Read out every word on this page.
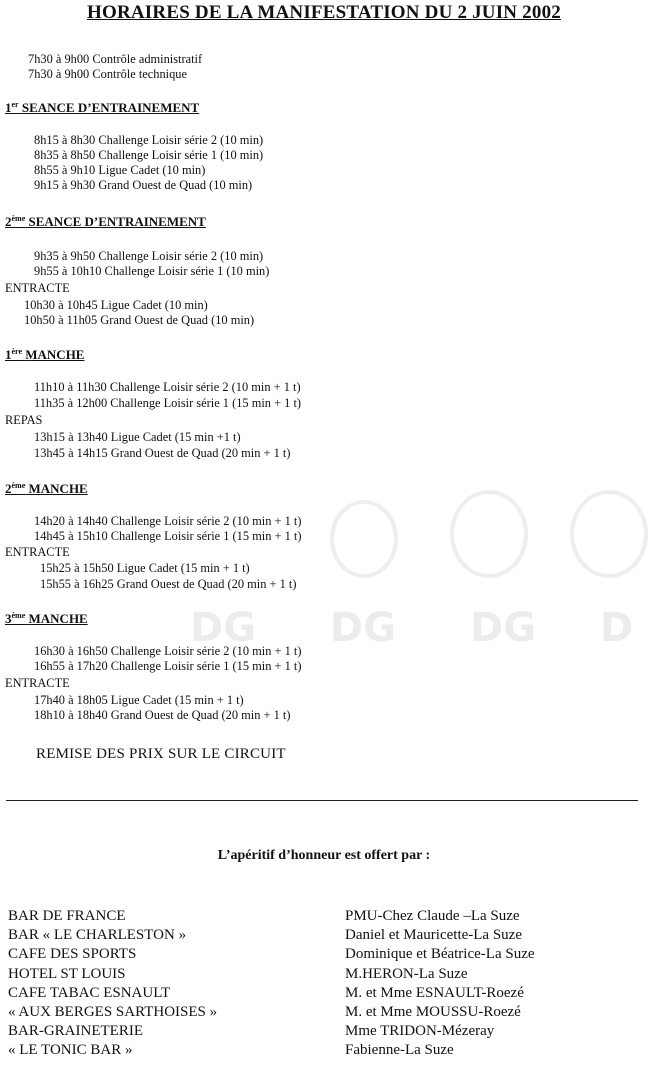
DG DG DG D
HORAIRES DE LA MANIFESTATION DU 2 JUIN 2002
7h30 à 9h00 Contrôle administratif
7h30 à 9h00 Contrôle technique
1er SEANCE D’ENTRAINEMENT
8h15 à 8h30 Challenge Loisir série 2 (10 min)
8h35 à 8h50 Challenge Loisir série 1 (10 min)
8h55 à 9h10 Ligue Cadet (10 min)
9h15 à 9h30 Grand Ouest de Quad (10 min)
2ème SEANCE D’ENTRAINEMENT
9h35 à 9h50 Challenge Loisir série 2 (10 min)
9h55 à 10h10 Challenge Loisir série 1 (10 min)
ENTRACTE
10h30 à 10h45 Ligue Cadet (10 min)
10h50 à 11h05 Grand Ouest de Quad (10 min)
1ère MANCHE
11h10 à 11h30 Challenge Loisir série 2 (10 min + 1 t)
11h35 à 12h00 Challenge Loisir série 1 (15 min + 1 t)
REPAS
13h15 à 13h40 Ligue Cadet (15 min +1 t)
13h45 à 14h15 Grand Ouest de Quad (20 min + 1 t)
2ème MANCHE
14h20 à 14h40 Challenge Loisir série 2 (10 min + 1 t)
14h45 à 15h10 Challenge Loisir série 1 (15 min + 1 t)
ENTRACTE
15h25 à 15h50 Ligue Cadet (15 min + 1 t)
15h55 à 16h25 Grand Ouest de Quad (20 min + 1 t)
3ème MANCHE
16h30 à 16h50 Challenge Loisir série 2 (10 min + 1 t)
16h55 à 17h20 Challenge Loisir série 1 (15 min + 1 t)
ENTRACTE
17h40 à 18h05 Ligue Cadet (15 min + 1 t)
18h10 à 18h40 Grand Ouest de Quad (20 min + 1 t)
REMISE DES PRIX SUR LE CIRCUIT
L’apéritif d’honneur est offert par :
BAR DE FRANCE
BAR « LE CHARLESTON »
CAFE DES SPORTS
HOTEL ST LOUIS
CAFE TABAC ESNAULT
« AUX BERGES SARTHOISES »
BAR-GRAINETERIE
« LE TONIC BAR »
PMU-Chez Claude –La Suze
Daniel et Mauricette-La Suze
Dominique et Béatrice-La Suze
M.HERON-La Suze
M. et Mme ESNAULT-Roezé
M. et Mme MOUSSU-Roezé
Mme TRIDON-Mézeray
Fabienne-La Suze
